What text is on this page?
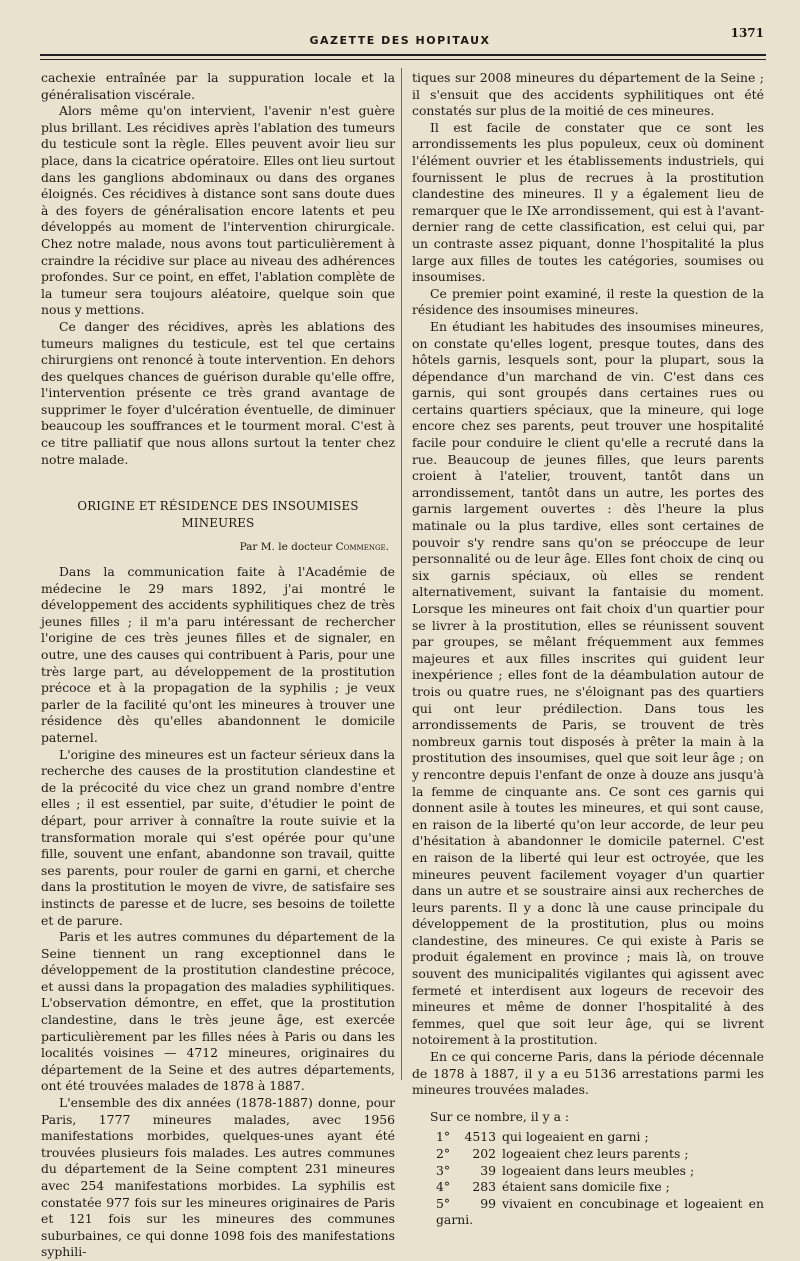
GAZETTE DES HOPITAUX
1371

cachexie entraînée par la suppuration locale et la généralisation viscérale.

Alors même qu'on intervient, l'avenir n'est guère plus brillant. Les récidives après l'ablation des tumeurs du testicule sont la règle. Elles peuvent avoir lieu sur place, dans la cicatrice opératoire. Elles ont lieu surtout dans les ganglions abdominaux ou dans des organes éloignés. Ces récidives à distance sont sans doute dues à des foyers de généralisation encore latents et peu développés au moment de l'intervention chirurgicale. Chez notre malade, nous avons tout particulièrement à craindre la récidive sur place au niveau des adhérences profondes. Sur ce point, en effet, l'ablation complète de la tumeur sera toujours aléatoire, quelque soin que nous y mettions.

Ce danger des récidives, après les ablations des tumeurs malignes du testicule, est tel que certains chirurgiens ont renoncé à toute intervention. En dehors des quelques chances de guérison durable qu'elle offre, l'intervention présente ce très grand avantage de supprimer le foyer d'ulcération éventuelle, de diminuer beaucoup les souffrances et le tourment moral. C'est à ce titre palliatif que nous allons surtout la tenter chez notre malade.

ORIGINE ET RÉSIDENCE DES INSOUMISES MINEURES
Par M. le docteur Commenge.

Dans la communication faite à l'Académie de médecine le 29 mars 1892, j'ai montré le développement des accidents syphilitiques chez de très jeunes filles ; il m'a paru intéressant de rechercher l'origine de ces très jeunes filles et de signaler, en outre, une des causes qui contribuent à Paris, pour une très large part, au développement de la prostitution précoce et à la propagation de la syphilis ; je veux parler de la facilité qu'ont les mineures à trouver une résidence dès qu'elles abandonnent le domicile paternel.

L'origine des mineures est un facteur sérieux dans la recherche des causes de la prostitution clandestine et de la précocité du vice chez un grand nombre d'entre elles ; il est essentiel, par suite, d'étudier le point de départ, pour arriver à connaître la route suivie et la transformation morale qui s'est opérée pour qu'une fille, souvent une enfant, abandonne son travail, quitte ses parents, pour rouler de garni en garni, et cherche dans la prostitution le moyen de vivre, de satisfaire ses instincts de paresse et de lucre, ses besoins de toilette et de parure.

Paris et les autres communes du département de la Seine tiennent un rang exceptionnel dans le développement de la prostitution clandestine précoce, et aussi dans la propagation des maladies syphilitiques. L'observation démontre, en effet, que la prostitution clandestine, dans le très jeune âge, est exercée particulièrement par les filles nées à Paris ou dans les localités voisines — 4712 mineures, originaires du département de la Seine et des autres départements, ont été trouvées malades de 1878 à 1887.

L'ensemble des dix années (1878-1887) donne, pour Paris, 1777 mineures malades, avec 1956 manifestations morbides, quelques-unes ayant été trouvées plusieurs fois malades. Les autres communes du département de la Seine comptent 231 mineures avec 254 manifestations morbides. La syphilis est constatée 977 fois sur les mineures originaires de Paris et 121 fois sur les mineures des communes suburbaines, ce qui donne 1098 fois des manifestations syphili-

tiques sur 2008 mineures du département de la Seine ; il s'ensuit que des accidents syphilitiques ont été constatés sur plus de la moitié de ces mineures.

Il est facile de constater que ce sont les arrondissements les plus populeux, ceux où dominent l'élément ouvrier et les établissements industriels, qui fournissent le plus de recrues à la prostitution clandestine des mineures. Il y a également lieu de remarquer que le IXe arrondissement, qui est à l'avant-dernier rang de cette classification, est celui qui, par un contraste assez piquant, donne l'hospitalité la plus large aux filles de toutes les catégories, soumises ou insoumises.

Ce premier point examiné, il reste la question de la résidence des insoumises mineures.

En étudiant les habitudes des insoumises mineures, on constate qu'elles logent, presque toutes, dans des hôtels garnis, lesquels sont, pour la plupart, sous la dépendance d'un marchand de vin. C'est dans ces garnis, qui sont groupés dans certaines rues ou certains quartiers spéciaux, que la mineure, qui loge encore chez ses parents, peut trouver une hospitalité facile pour conduire le client qu'elle a recruté dans la rue. Beaucoup de jeunes filles, que leurs parents croient à l'atelier, trouvent, tantôt dans un arrondissement, tantôt dans un autre, les portes des garnis largement ouvertes : dès l'heure la plus matinale ou la plus tardive, elles sont certaines de pouvoir s'y rendre sans qu'on se préoccupe de leur personnalité ou de leur âge. Elles font choix de cinq ou six garnis spéciaux, où elles se rendent alternativement, suivant la fantaisie du moment. Lorsque les mineures ont fait choix d'un quartier pour se livrer à la prostitution, elles se réunissent souvent par groupes, se mêlant fréquemment aux femmes majeures et aux filles inscrites qui guident leur inexpérience ; elles font de la déambulation autour de trois ou quatre rues, ne s'éloignant pas des quartiers qui ont leur prédilection. Dans tous les arrondissements de Paris, se trouvent de très nombreux garnis tout disposés à prêter la main à la prostitution des insoumises, quel que soit leur âge ; on y rencontre depuis l'enfant de onze à douze ans jusqu'à la femme de cinquante ans. Ce sont ces garnis qui donnent asile à toutes les mineures, et qui sont cause, en raison de la liberté qu'on leur accorde, de leur peu d'hésitation à abandonner le domicile paternel. C'est en raison de la liberté qui leur est octroyée, que les mineures peuvent facilement voyager d'un quartier dans un autre et se soustraire ainsi aux recherches de leurs parents. Il y a donc là une cause principale du développement de la prostitution, plus ou moins clandestine, des mineures. Ce qui existe à Paris se produit également en province ; mais là, on trouve souvent des municipalités vigilantes qui agissent avec fermeté et interdisent aux logeurs de recevoir des mineures et même de donner l'hospitalité à des femmes, quel que soit leur âge, qui se livrent notoirement à la prostitution.

En ce qui concerne Paris, dans la période décennale de 1878 à 1887, il y a eu 5136 arrestations parmi les mineures trouvées malades.

Sur ce nombre, il y a :

1° 4513 qui logeaient en garni ;
2° 202 logeaient chez leurs parents ;
3° 39 logeaient dans leurs meubles ;
4° 283 étaient sans domicile fixe ;
5° 99 vivaient en concubinage et logeaient en garni.
